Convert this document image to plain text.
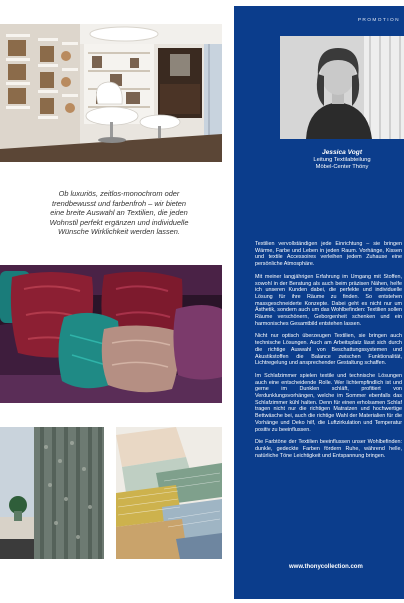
Ob luxuriös, zeitlos-monochrom oder

trendbewusst und farbenfroh – wir bieten

eine breite Auswahl an Textilien, die jeden

Wohnstil perfekt ergänzen und individuelle

Wünsche Wirklichkeit werden lassen.

PROMOTION
Jessica Vogt
Leitung Textilabteilung
Möbel-Center Thöny

Textilien vervollständigen jede Einrichtung – sie bringen Wärme, Farbe und Leben in jeden Raum. Vorhänge, Kissen und textile Accessoires verleihen jedem Zuhause eine persönliche Atmosphäre.

Mit meiner langjährigen Erfahrung im Umgang mit Stoffen, sowohl in der Beratung als auch beim präzisen Nähen, helfe ich unseren Kunden dabei, die perfekte und individuelle Lösung für ihre Räume zu finden. So entstehen massgeschneiderte Konzepte. Dabei geht es nicht nur um Ästhetik, sondern auch um das Wohlbefinden: Textilien sollen Räume verschönern, Geborgenheit schenken und ein harmonisches Gesamtbild entstehen lassen.

Nicht nur optisch überzeugen Textilien, sie bringen auch technische Lösungen. Auch am Arbeitsplatz lässt sich durch die richtige Auswahl von Beschattungssystemen und Akustikstoffen die Balance zwischen Funktionalität, Lichtregelung und ansprechender Gestaltung schaffen.

Im Schlafzimmer spielen textile und technische Lösungen auch eine entscheidende Rolle. Wer lichtempfindlich ist und gerne im Dunklen schläft, profitiert von Verdunklungsvorhängen, welche im Sommer ebenfalls das Schlafzimmer kühl halten. Denn für einen erholsamen Schlaf tragen nicht nur die richtigen Matratzen und hochwertige Bettwäsche bei, auch die richtige Wahl der Materialien für die Vorhänge und Deko hilf, die Luftzirkulation und Temperatur positiv zu beeinflussen.

Die Farbtöne der Textilien beeinflussen unser Wohlbefinden: dunkle, gedeckte Farben fördern Ruhe, während helle, natürliche Töne Leichtigkeit und Entspannung bringen.

www.thonycollection.com
